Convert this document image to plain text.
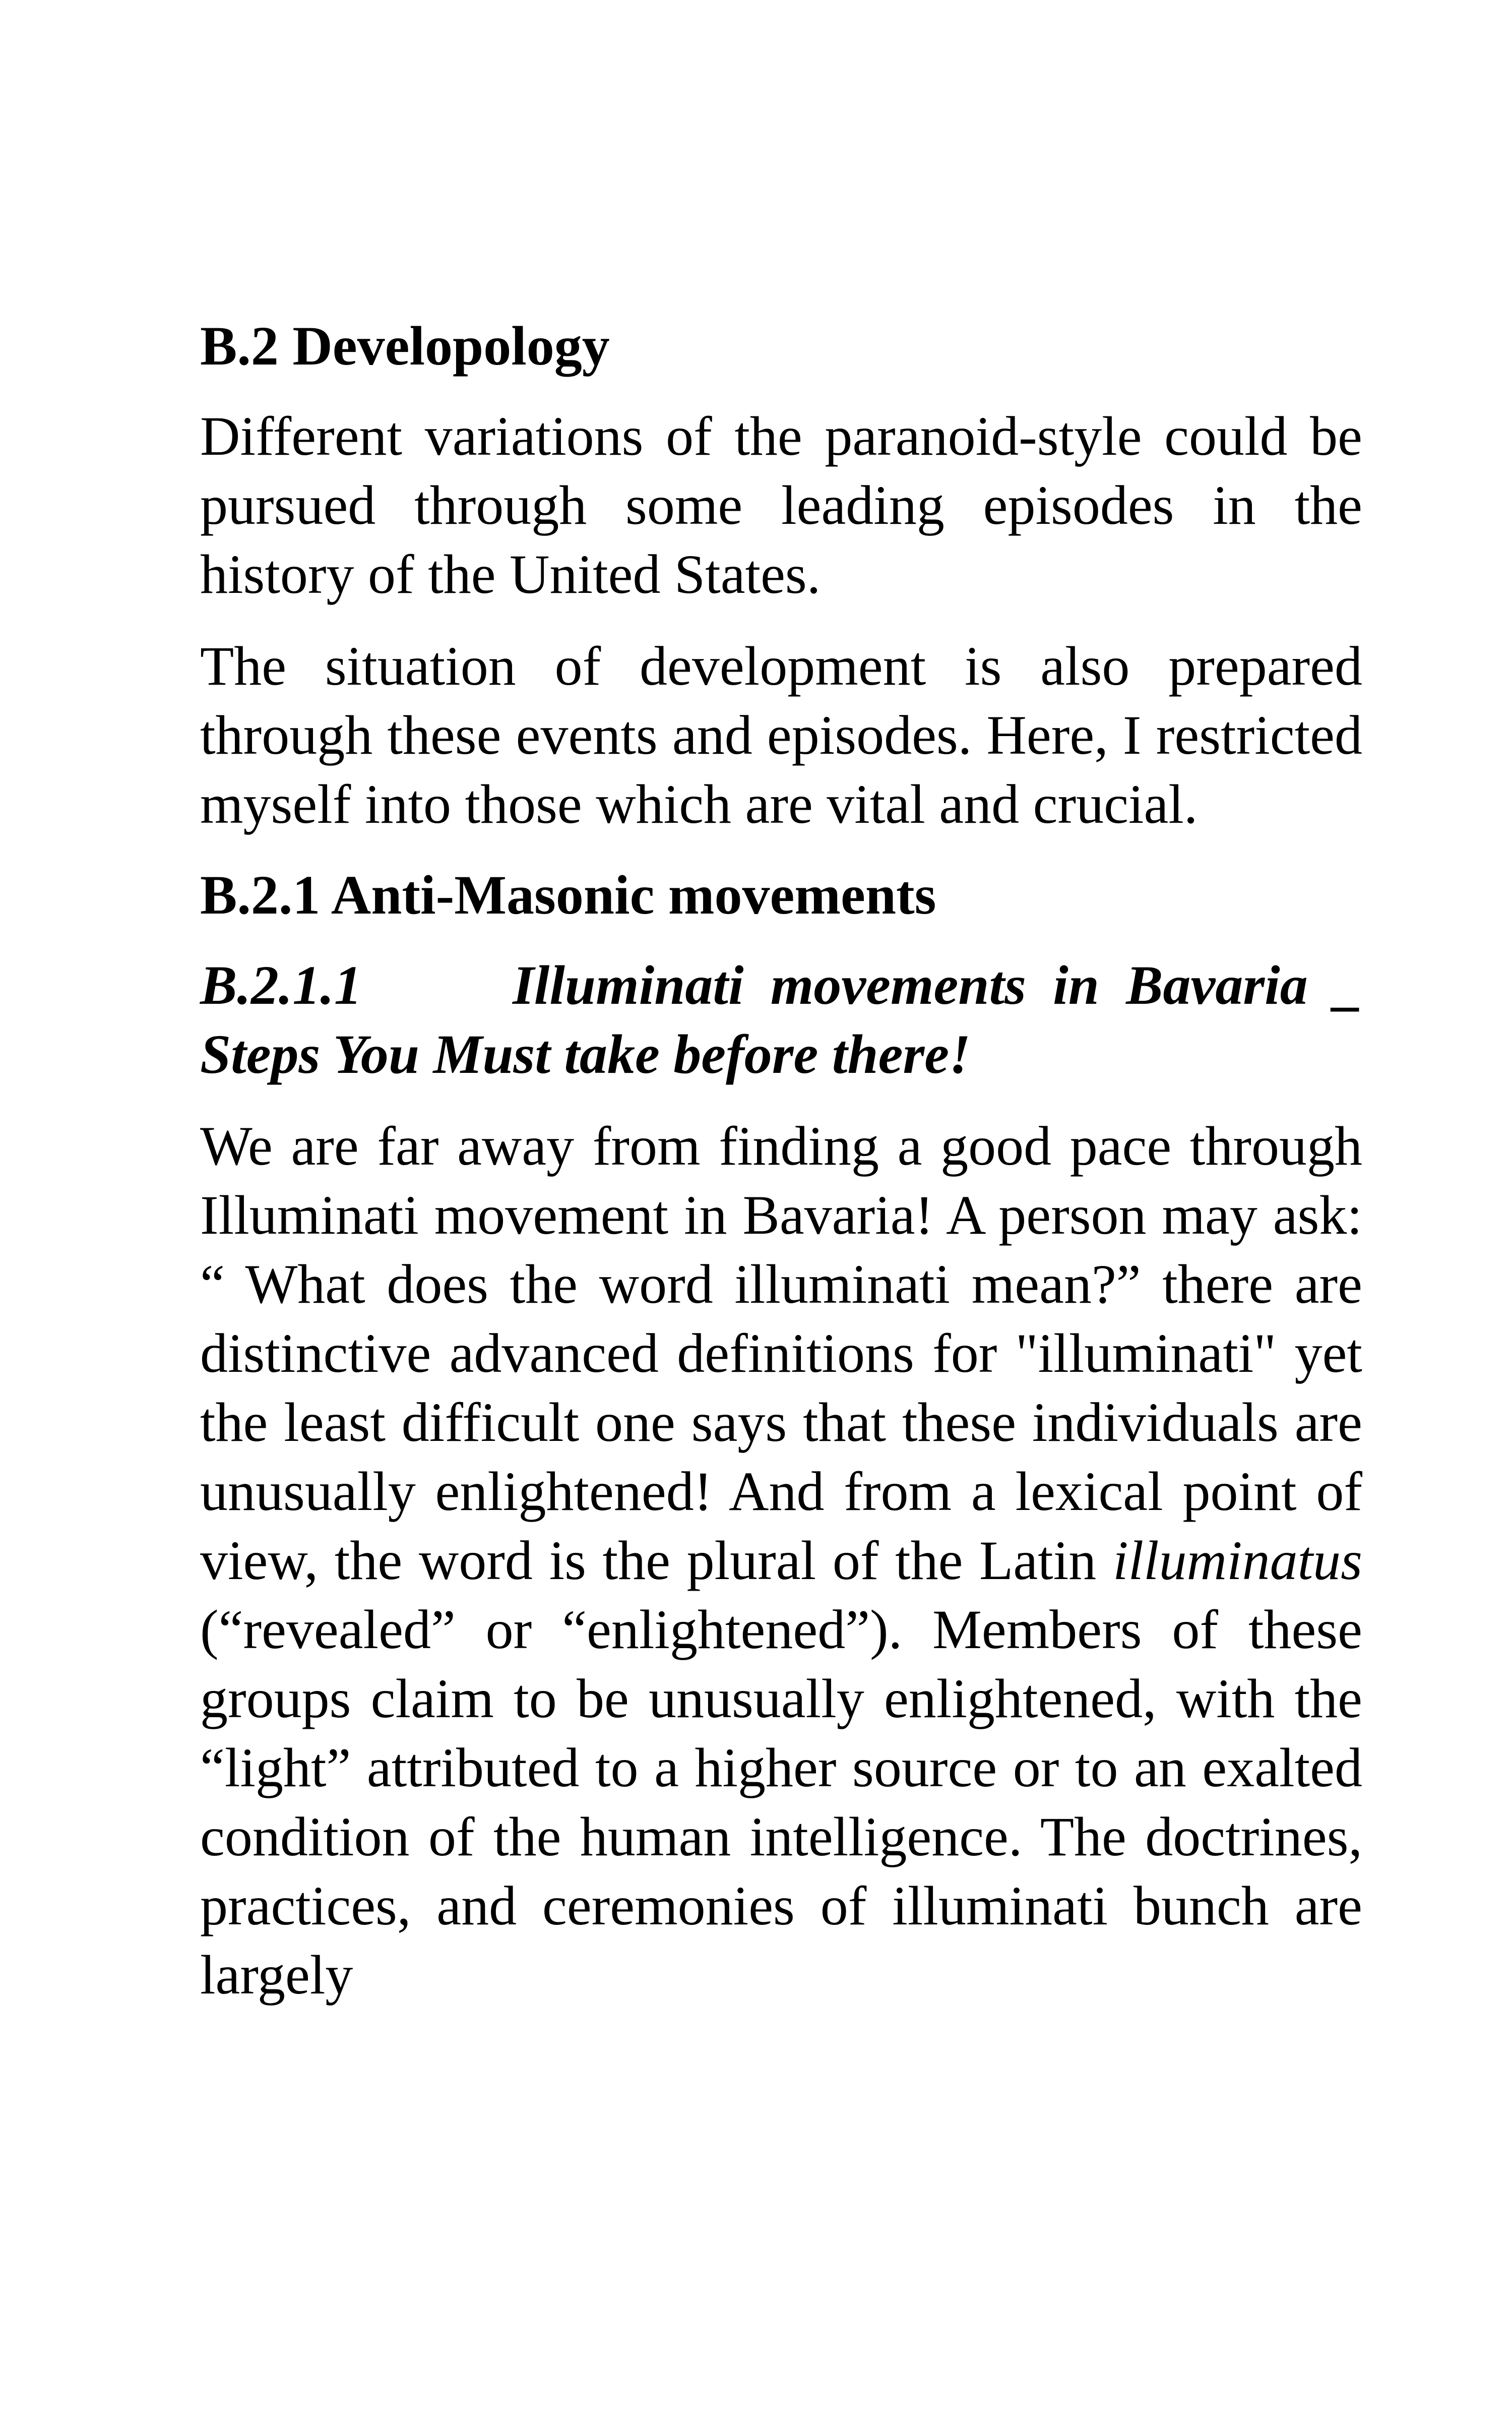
B.2 Developology

Different variations of the paranoid-style could be pursued through some leading episodes in the history of the United States.

The situation of development is also prepared through these events and episodes. Here, I restricted myself into those which are vital and crucial.

B.2.1 Anti-Masonic movements
B.2.1.1	Illuminati movements in Bavaria _ Steps You Must take before there!

We are far away from finding a good pace through Illuminati movement in Bavaria! A person may ask: “ What does the word illuminati mean?” there are distinctive advanced definitions for "illuminati" yet the least difficult one says that these individuals are unusually enlightened! And from a lexical point of view, the word is the plural of the Latin illuminatus (“revealed” or “enlightened”). Members of these groups claim to be unusually enlightened, with the “light” attributed to a higher source or to an exalted condition of the human intelligence. The doctrines, practices, and ceremonies of illuminati bunch are largely
